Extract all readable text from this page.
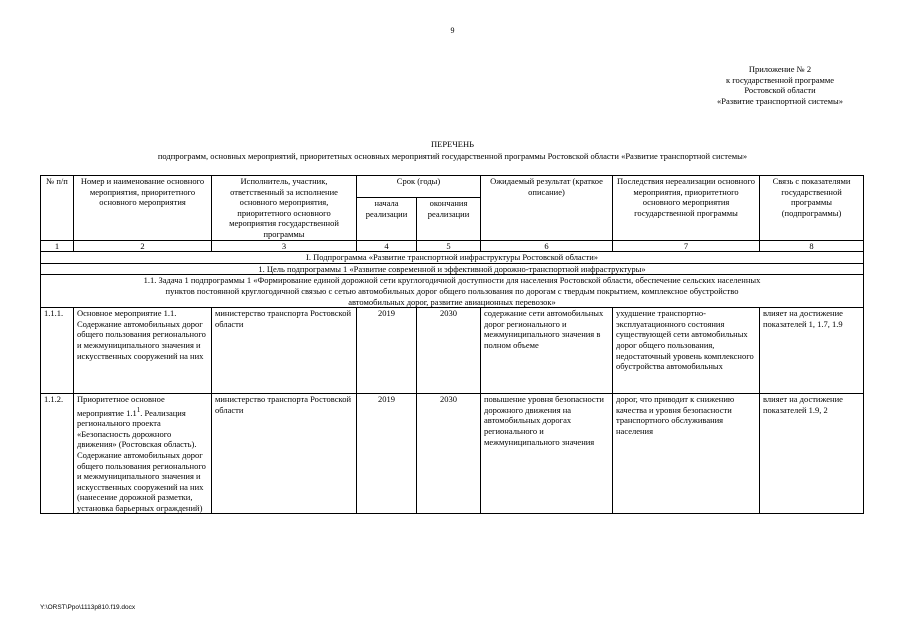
9
Приложение № 2
к государственной программе
Ростовской области
«Развитие транспортной системы»
ПЕРЕЧЕНЬ
подпрограмм, основных мероприятий, приоритетных основных мероприятий государственной программы Ростовской области «Развитие транспортной системы»
№ п/п	Номер и наименование основного мероприятия, приоритетного основного мероприятия	Исполнитель, участник, ответственный за исполнение основного мероприятия, приоритетного основного мероприятия государственной программы	Срок (годы)		Ожидаемый результат (краткое описание)	Последствия нереализации основного мероприятия, приоритетного основного мероприятия государственной программы	Связь с показателями государственной программы (подпрограммы)
			начала реализации	окончания реализации			
1	2	3	4	5	6	7	8
I. Подпрограмма «Развитие транспортной инфраструктуры Ростовской области»							
1. Цель подпрограммы 1 «Развитие современной и эффективной дорожно-транспортной инфраструктуры»							
1.1. Задача 1 подпрограммы 1 «Формирование единой дорожной сети круглогодичной доступности для населения Ростовской области, обеспечение сельских населенных пунктов постоянной круглогодичной связью с сетью автомобильных дорог общего пользования по дорогам с твердым покрытием, комплексное обустройство автомобильных дорог, развитие авиационных перевозок»							
1.1.1.	Основное мероприятие 1.1. Содержание автомобильных дорог общего пользования регионального и межмуниципального значения и искусственных сооружений на них	министерство транспорта Ростовской области	2019	2030	содержание сети автомобильных дорог регионального и межмуниципального значения в полном объеме	ухудшение транспортно-эксплуатационного состояния существующей сети автомобильных дорог общего пользования, недостаточный уровень комплексного обустройства автомобильных	влияет на достижение показателей 1, 1.7, 1.9
1.1.2.	Приоритетное основное мероприятие $1.1^1$. Реализация регионального проекта «Безопасность дорожного движения» (Ростовская область). Содержание автомобильных дорог общего пользования регионального и межмуниципального значения и искусственных сооружений на них (нанесение дорожной разметки, установка барьерных ограждений)	министерство транспорта Ростовской области	2019	2030	повышение уровня безопасности дорожного движения на автомобильных дорогах регионального и межмуниципального значения	дорог, что приводит к снижению качества и уровня безопасности транспортного обслуживания населения	влияет на достижение показателей 1.9, 2
Y:\ORST\Ppo\1113p810.f19.docx
